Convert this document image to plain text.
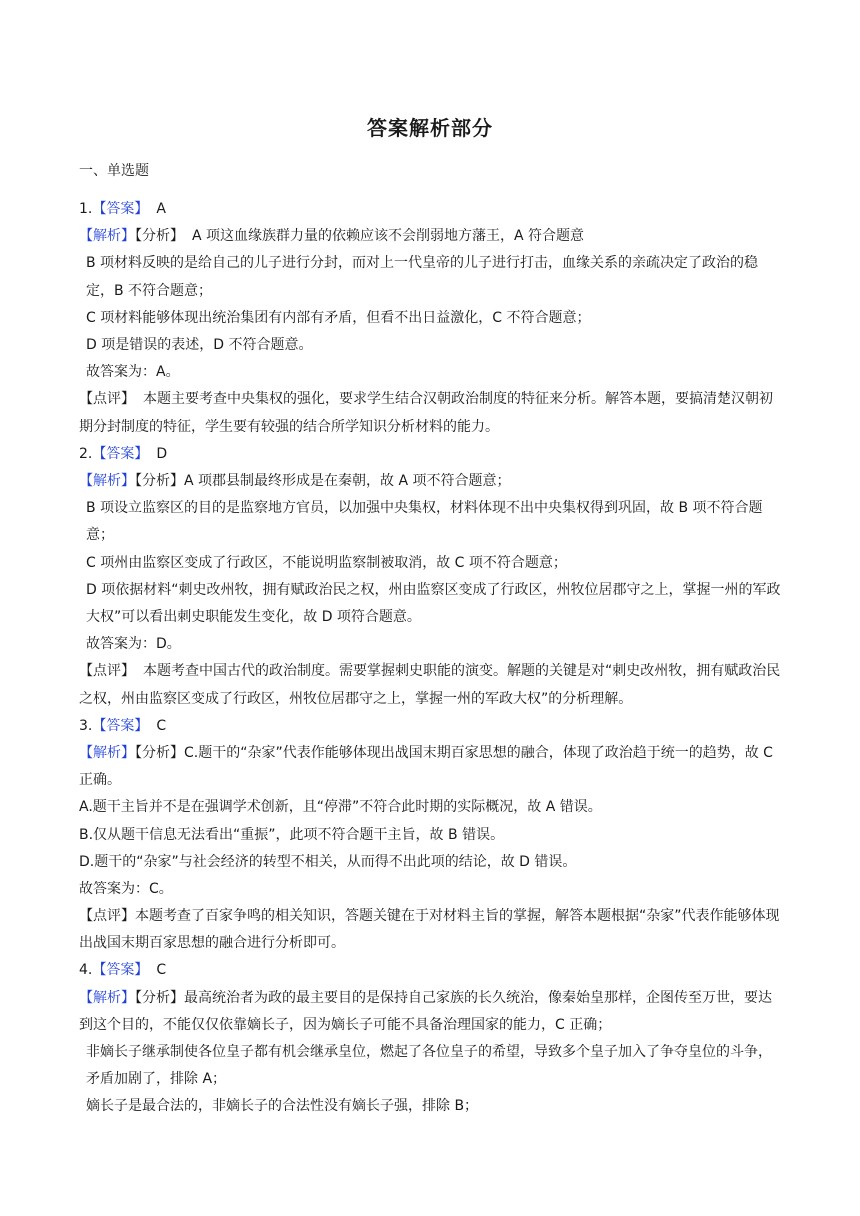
答案解析部分
一、单选题
1.【答案】 A
【解析】【分析】 A 项这血缘族群力量的依赖应该不会削弱地方藩王，A 符合题意
B 项材料反映的是给自己的儿子进行分封，而对上一代皇帝的儿子进行打击，血缘关系的亲疏决定了政治的稳定，B 不符合题意；
C 项材料能够体现出统治集团有内部有矛盾，但看不出日益激化，C 不符合题意；
D 项是错误的表述，D 不符合题意。
故答案为：A。
【点评】 本题主要考查中央集权的强化，要求学生结合汉朝政治制度的特征来分析。解答本题，要搞清楚汉朝初期分封制度的特征，学生要有较强的结合所学知识分析材料的能力。
2.【答案】 D
【解析】【分析】A 项郡县制最终形成是在秦朝，故 A 项不符合题意；
B 项设立监察区的目的是监察地方官员，以加强中央集权，材料体现不出中央集权得到巩固，故 B 项不符合题意；
C 项州由监察区变成了行政区，不能说明监察制被取消，故 C 项不符合题意；
D 项依据材料“刺史改州牧，拥有赋政治民之权，州由监察区变成了行政区，州牧位居郡守之上，掌握一州的军政大权”可以看出刺史职能发生变化，故 D 项符合题意。
故答案为：D。
【点评】 本题考查中国古代的政治制度。需要掌握刺史职能的演变。解题的关键是对“刺史改州牧，拥有赋政治民之权，州由监察区变成了行政区，州牧位居郡守之上，掌握一州的军政大权”的分析理解。
3.【答案】 C
【解析】【分析】C.题干的“杂家”代表作能够体现出战国末期百家思想的融合，体现了政治趋于统一的趋势，故 C 正确。
A.题干主旨并不是在强调学术创新，且“停滞”不符合此时期的实际概况，故 A 错误。
B.仅从题干信息无法看出“重振”，此项不符合题干主旨，故 B 错误。
D.题干的“杂家”与社会经济的转型不相关，从而得不出此项的结论，故 D 错误。
故答案为：C。
【点评】本题考查了百家争鸣的相关知识，答题关键在于对材料主旨的掌握，解答本题根据“杂家”代表作能够体现出战国末期百家思想的融合进行分析即可。
4.【答案】 C
【解析】【分析】最高统治者为政的最主要目的是保持自己家族的长久统治，像秦始皇那样，企图传至万世，要达到这个目的，不能仅仅依靠嫡长子，因为嫡长子可能不具备治理国家的能力，C 正确；
非嫡长子继承制使各位皇子都有机会继承皇位，燃起了各位皇子的希望，导致多个皇子加入了争夺皇位的斗争，矛盾加剧了，排除 A；
嫡长子是最合法的，非嫡长子的合法性没有嫡长子强，排除 B；
